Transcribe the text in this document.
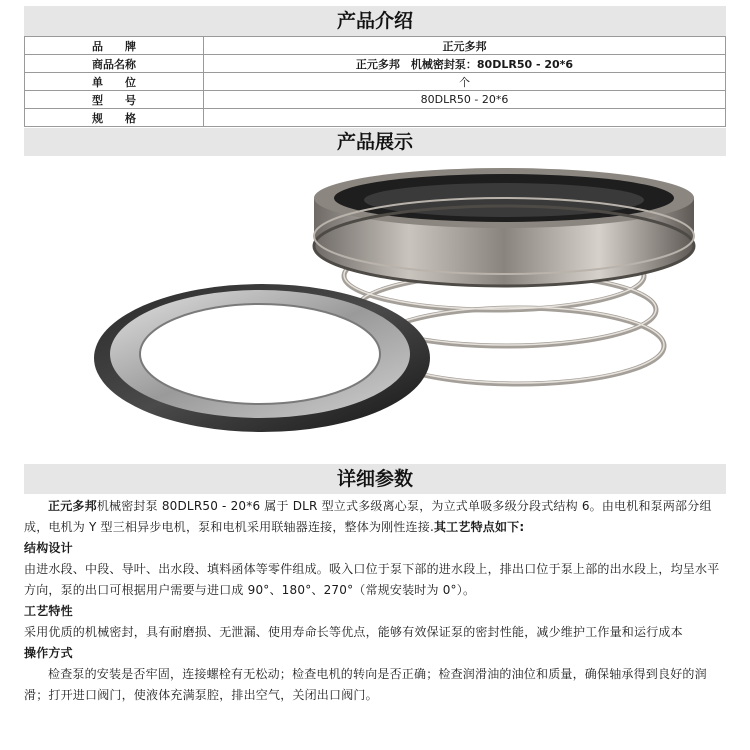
产品介绍
品　　牌	正元多邦
商品名称	正元多邦　机械密封泵：80DLR50 - 20*6
单　　位	个
型　　号	80DLR50 - 20*6
规　　格	
产品展示
详细参数

正元多邦机械密封泵 80DLR50 - 20*6 属于 DLR 型立式多级离心泵，为立式单吸多级分段式结构 6。由电机和泵两部分组成，电机为 Y 型三相异步电机，泵和电机采用联轴器连接，整体为刚性连接.其工艺特点如下:

结构设计

由进水段、中段、导叶、出水段、填料函体等零件组成。吸入口位于泵下部的进水段上，排出口位于泵上部的出水段上，均呈水平方向，泵的出口可根据用户需要与进口成 90°、180°、270°（常规安装时为 0°）。

工艺特性

采用优质的机械密封，具有耐磨损、无泄漏、使用寿命长等优点，能够有效保证泵的密封性能，减少维护工作量和运行成本

操作方式

检查泵的安装是否牢固，连接螺栓有无松动；检查电机的转向是否正确；检查润滑油的油位和质量，确保轴承得到良好的润滑；打开进口阀门，使液体充满泵腔，排出空气，关闭出口阀门。
